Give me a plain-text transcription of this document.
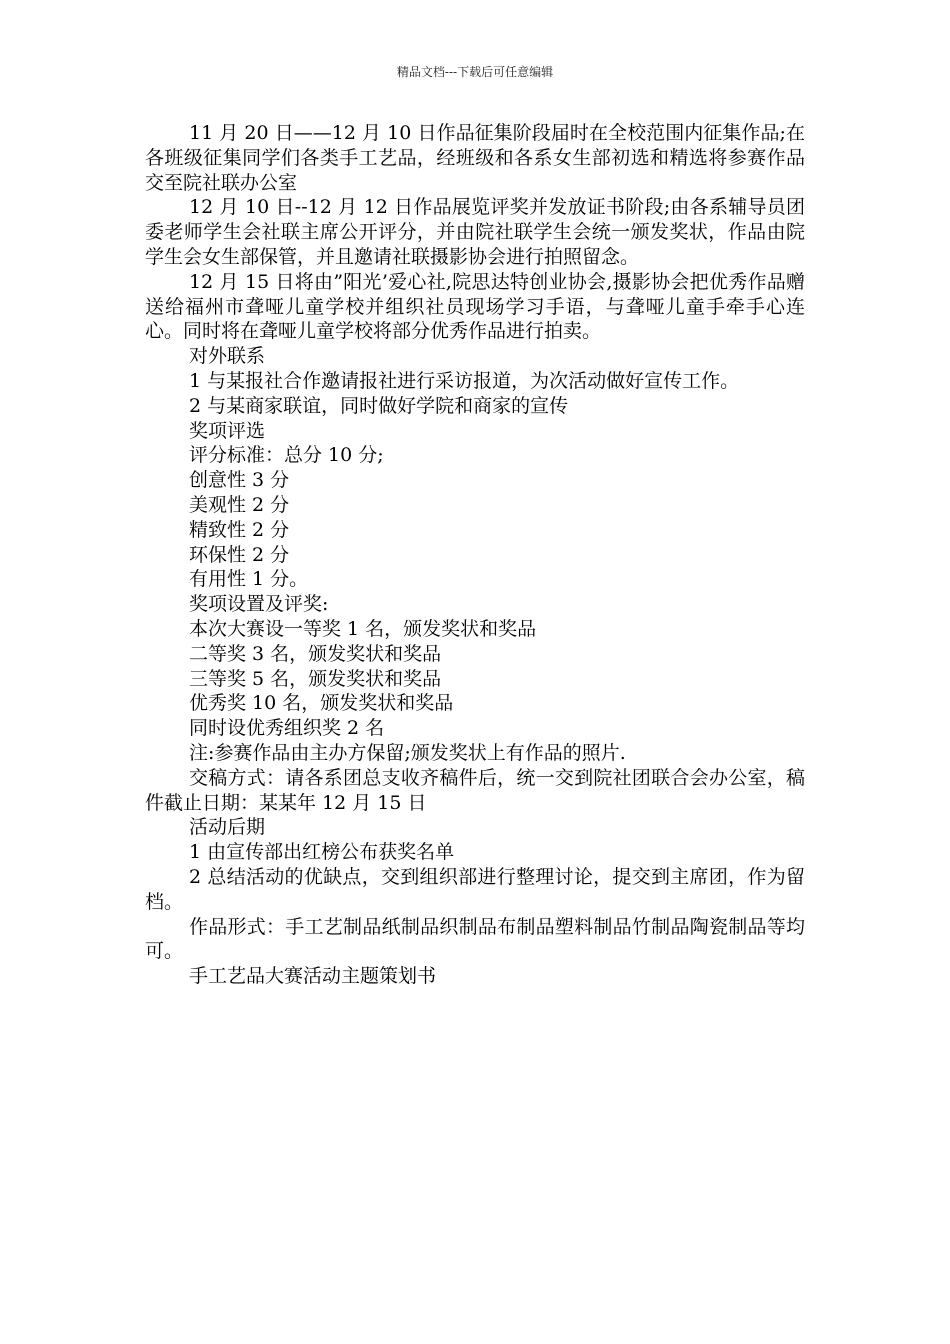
精品文档---下载后可任意编辑

11 月 20 日——12 月 10 日作品征集阶段届时在全校范围内征集作品;在各班级征集同学们各类手工艺品，经班级和各系女生部初选和精选将参赛作品交至院社联办公室

12 月 10 日--12 月 12 日作品展览评奖并发放证书阶段;由各系辅导员团委老师学生会社联主席公开评分，并由院社联学生会统一颁发奖状，作品由院学生会女生部保管，并且邀请社联摄影协会进行拍照留念。

12 月 15 日将由”阳光’爱心社,院思达特创业协会,摄影协会把优秀作品赠送给福州市聋哑儿童学校并组织社员现场学习手语，与聋哑儿童手牵手心连心。同时将在聋哑儿童学校将部分优秀作品进行拍卖。

对外联系

1 与某报社合作邀请报社进行采访报道，为次活动做好宣传工作。

2 与某商家联谊，同时做好学院和商家的宣传

奖项评选

评分标准：总分 10 分;

创意性 3 分

美观性 2 分

精致性 2 分

环保性 2 分

有用性 1 分。

奖项设置及评奖:

本次大赛设一等奖 1 名，颁发奖状和奖品

二等奖 3 名，颁发奖状和奖品

三等奖 5 名，颁发奖状和奖品

优秀奖 10 名，颁发奖状和奖品

同时设优秀组织奖 2 名

注:参赛作品由主办方保留;颁发奖状上有作品的照片.

交稿方式：请各系团总支收齐稿件后，统一交到院社团联合会办公室，稿件截止日期：某某年 12 月 15 日

活动后期

1 由宣传部出红榜公布获奖名单

2 总结活动的优缺点，交到组织部进行整理讨论，提交到主席团，作为留档。

作品形式：手工艺制品纸制品织制品布制品塑料制品竹制品陶瓷制品等均可。

手工艺品大赛活动主题策划书
